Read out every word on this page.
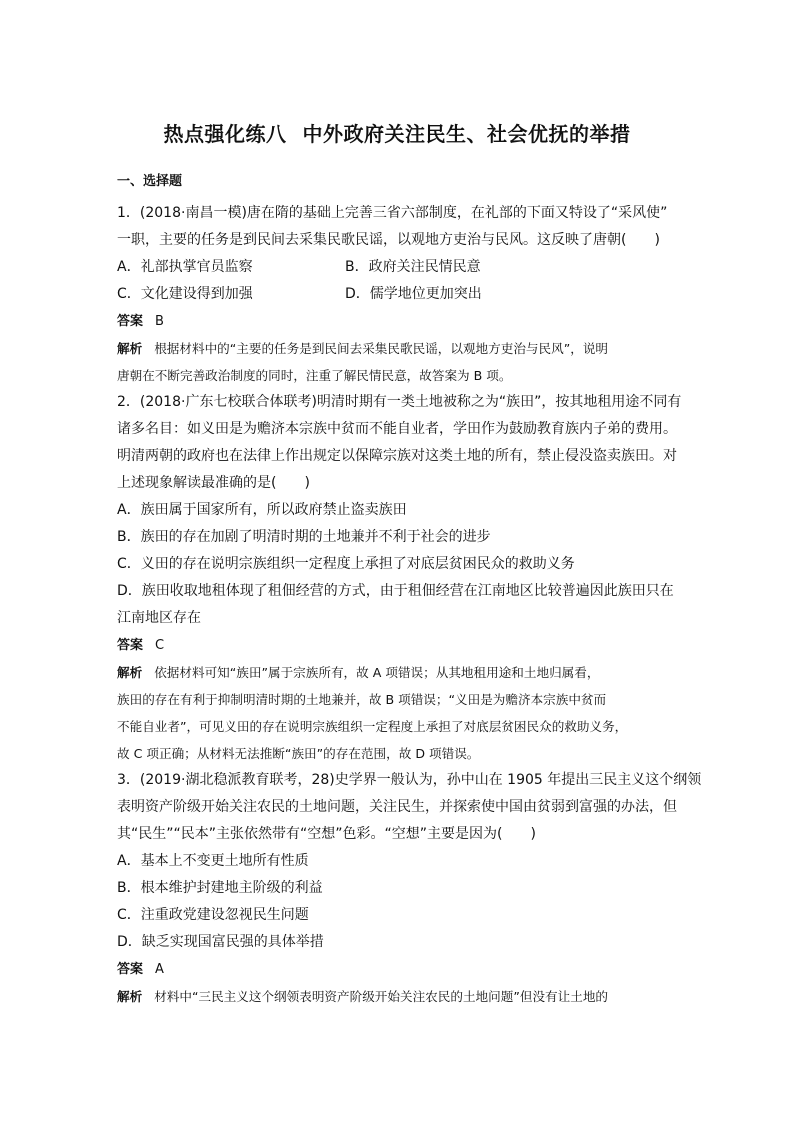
热点强化练八 中外政府关注民生、社会优抚的举措
一、选择题
1．(2018·南昌一模)唐在隋的基础上完善三省六部制度，在礼部的下面又特设了“采风使”
一职，主要的任务是到民间去采集民歌民谣，以观地方吏治与民风。这反映了唐朝(　　)
A．礼部执掌官员监察	B．政府关注民情民意
C．文化建设得到加强	D．儒学地位更加突出
答案 B
解析 根据材料中的“主要的任务是到民间去采集民歌民谣，以观地方吏治与民风”，说明
唐朝在不断完善政治制度的同时，注重了解民情民意，故答案为 B 项。
2．(2018·广东七校联合体联考)明清时期有一类土地被称之为“族田”，按其地租用途不同有
诸多名目：如义田是为赡济本宗族中贫而不能自业者，学田作为鼓励教育族内子弟的费用。
明清两朝的政府也在法律上作出规定以保障宗族对这类土地的所有，禁止侵没盗卖族田。对
上述现象解读最准确的是(　　)
A．族田属于国家所有，所以政府禁止盗卖族田
B．族田的存在加剧了明清时期的土地兼并不利于社会的进步
C．义田的存在说明宗族组织一定程度上承担了对底层贫困民众的救助义务
D．族田收取地租体现了租佃经营的方式，由于租佃经营在江南地区比较普遍因此族田只在
江南地区存在
答案 C
解析 依据材料可知“族田”属于宗族所有，故 A 项错误；从其地租用途和土地归属看，
族田的存在有利于抑制明清时期的土地兼并，故 B 项错误；“义田是为赡济本宗族中贫而
不能自业者”，可见义田的存在说明宗族组织一定程度上承担了对底层贫困民众的救助义务，
故 C 项正确；从材料无法推断“族田”的存在范围，故 D 项错误。
3．(2019·湖北稳派教育联考，28)史学界一般认为，孙中山在 1905 年提出三民主义这个纲领
表明资产阶级开始关注农民的土地问题，关注民生，并探索使中国由贫弱到富强的办法，但
其“民生”“民本”主张依然带有“空想”色彩。“空想”主要是因为(　　)
A．基本上不变更土地所有性质
B．根本维护封建地主阶级的利益
C．注重政党建设忽视民生问题
D．缺乏实现国富民强的具体举措
答案 A
解析 材料中“三民主义这个纲领表明资产阶级开始关注农民的土地问题”但没有让土地的
